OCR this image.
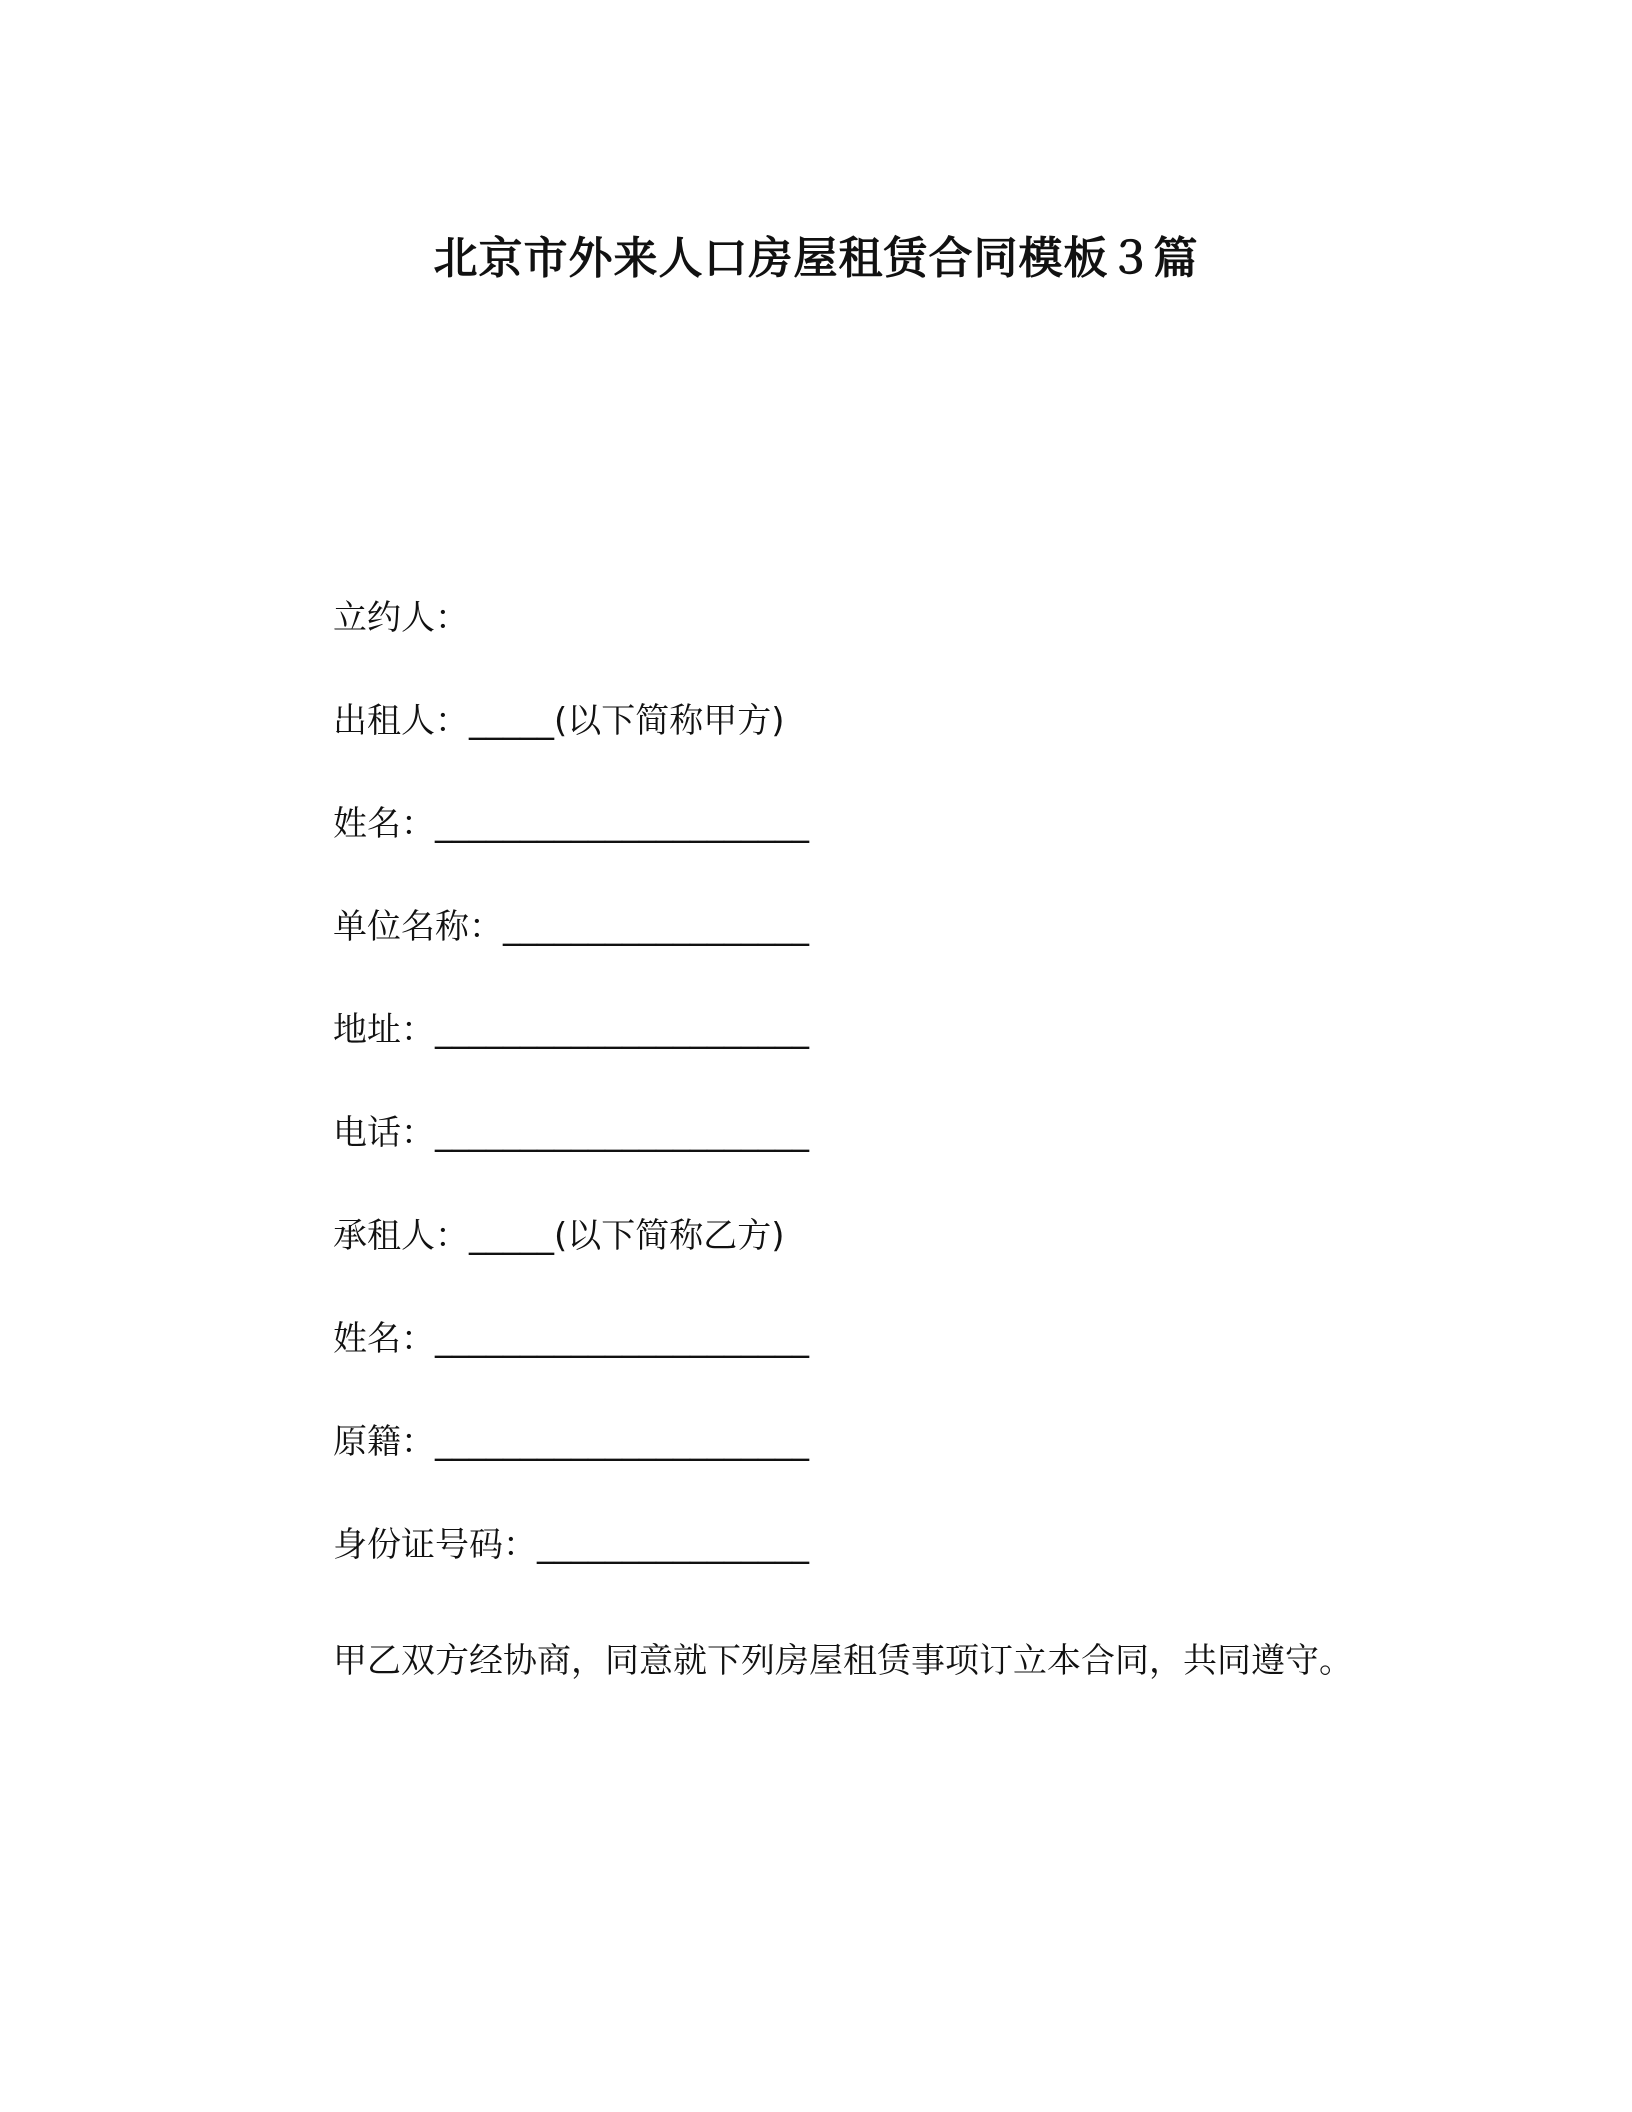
北京市外来人口房屋租赁合同模板３篇
立约人：
出租人：_____(以下简称甲方)
姓名：______________________
单位名称：__________________
地址：______________________
电话：______________________
承租人：_____(以下简称乙方)
姓名：______________________
原籍：______________________
身份证号码：________________
甲乙双方经协商，同意就下列房屋租赁事项订立本合同，共同遵守。
